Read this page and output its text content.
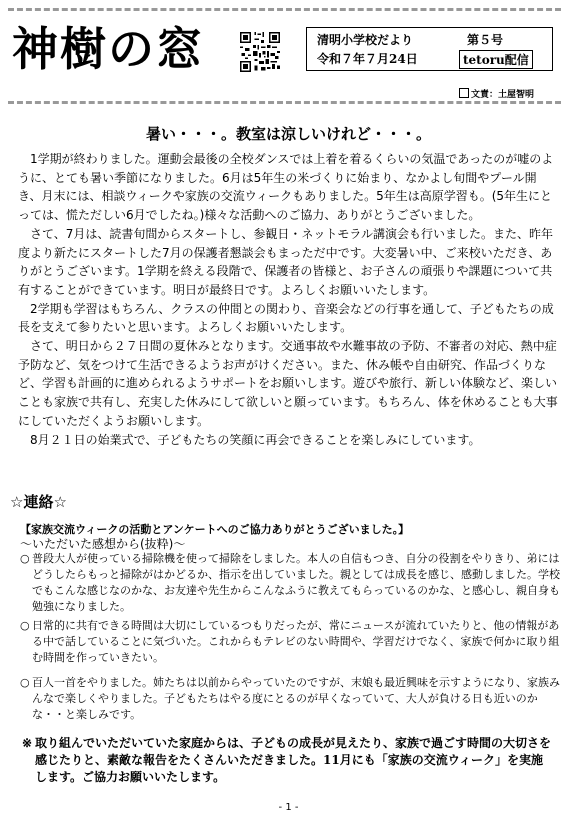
神樹の窓	清明小学校だより	第５号
令和７年７月24日	tetoru配信
文責：土屋智明
暑い・・・。教室は涼しいけれど・・・。

1学期が終わりました。運動会最後の全校ダンスでは上着を着るくらいの気温であったのが嘘のように、とても暑い季節になりました。6月は5年生の米づくりに始まり、なかよし旬間やプール開き、月末には、相談ウィークや家族の交流ウィークもありました。5年生は高原学習も。(5年生にとっては、慌ただしい6月でしたね。)様々な活動へのご協力、ありがとうございました。

さて、7月は、読書旬間からスタートし、参観日・ネットモラル講演会も行いました。また、昨年度より新たにスタートした7月の保護者懇談会もまっただ中です。大変暑い中、ご来校いただき、ありがとうございます。1学期を終える段階で、保護者の皆様と、お子さんの頑張りや課題について共有することができています。明日が最終日です。よろしくお願いいたします。

2学期も学習はもちろん、クラスの仲間との関わり、音楽会などの行事を通して、子どもたちの成長を支えて参りたいと思います。よろしくお願いいたします。

さて、明日から２７日間の夏休みとなります。交通事故や水難事故の予防、不審者の対応、熱中症予防など、気をつけて生活できるようお声がけください。また、休み帳や自由研究、作品づくりなど、学習も計画的に進められるようサポートをお願いします。遊びや旅行、新しい体験など、楽しいことも家族で共有し、充実した休みにして欲しいと願っています。もちろん、体を休めることも大事にしていただくようお願いします。

8月２１日の始業式で、子どもたちの笑顔に再会できることを楽しみにしています。

☆連絡☆
【家族交流ウィークの活動とアンケートへのご協力ありがとうございました。】
～いただいた感想から(抜粋)～
○ 普段大人が使っている掃除機を使って掃除をしました。本人の自信もつき、自分の役割をやりきり、弟にはどうしたらもっと掃除がはかどるか、指示を出していました。親としては成長を感じ、感動しました。学校でもこんな感じなのかな、お友達や先生からこんなふうに教えてもらっているのかな、と感心し、親自身も勉強になりました。
○ 日常的に共有できる時間は大切にしているつもりだったが、常にニュースが流れていたりと、他の情報がある中で話していることに気づいた。これからもテレビのない時間や、学習だけでなく、家族で何かに取り組む時間を作っていきたい。
○ 百人一首をやりました。姉たちは以前からやっていたのですが、末娘も最近興味を示すようになり、家族みんなで楽しくやりました。子どもたちはやる度にとるのが早くなっていて、大人が負ける日も近いのかな・・と楽しみです。
※ 取り組んでいただいていた家庭からは、子どもの成長が見えたり、家族で過ごす時間の大切さを感じたりと、素敵な報告をたくさんいただきました。11月にも「家族の交流ウィーク」を実施します。ご協力お願いいたします。
- 1 -
